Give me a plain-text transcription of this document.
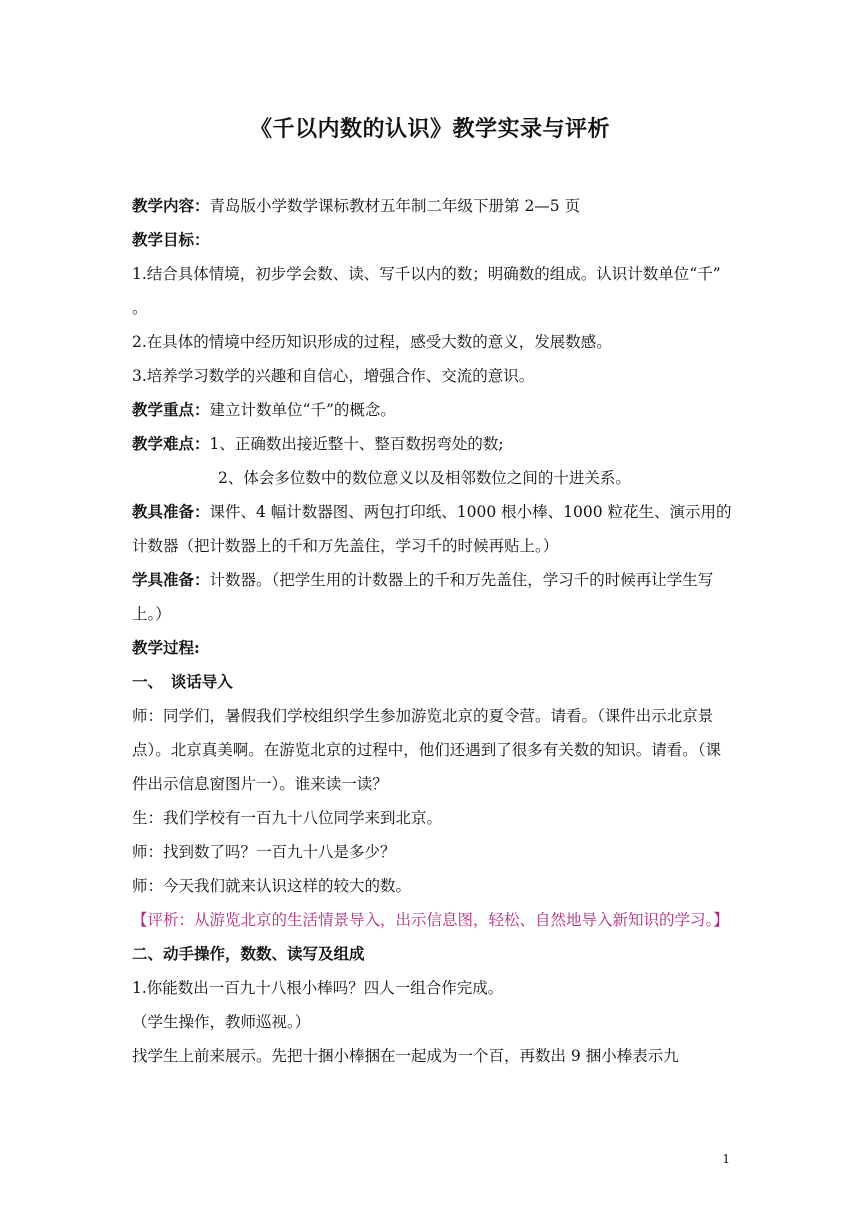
《千以内数的认识》教学实录与评析

教学内容：青岛版小学数学课标教材五年制二年级下册第 2—5 页

教学目标：

1.结合具体情境，初步学会数、读、写千以内的数；明确数的组成。认识计数单位“千” 。

2.在具体的情境中经历知识形成的过程，感受大数的意义，发展数感。

3.培养学习数学的兴趣和自信心，增强合作、交流的意识。

教学重点：建立计数单位“千”的概念。

教学难点：1、正确数出接近整十、整百数拐弯处的数;

2、体会多位数中的数位意义以及相邻数位之间的十进关系。

教具准备：课件、4 幅计数器图、两包打印纸、1000 根小棒、1000 粒花生、演示用的计数器（把计数器上的千和万先盖住，学习千的时候再贴上。）

学具准备：计数器。（把学生用的计数器上的千和万先盖住，学习千的时候再让学生写上。）

教学过程:

一、　谈话导入

师：同学们，暑假我们学校组织学生参加游览北京的夏令营。请看。（课件出示北京景点）。北京真美啊。在游览北京的过程中，他们还遇到了很多有关数的知识。请看。（课件出示信息窗图片一）。谁来读一读？

生：我们学校有一百九十八位同学来到北京。

师：找到数了吗？一百九十八是多少？

师：今天我们就来认识这样的较大的数。

【评析：从游览北京的生活情景导入，出示信息图，轻松、自然地导入新知识的学习。】

二、动手操作，数数、读写及组成

1.你能数出一百九十八根小棒吗？四人一组合作完成。

（学生操作，教师巡视。）

找学生上前来展示。先把十捆小棒捆在一起成为一个百，再数出 9 捆小棒表示九

1
